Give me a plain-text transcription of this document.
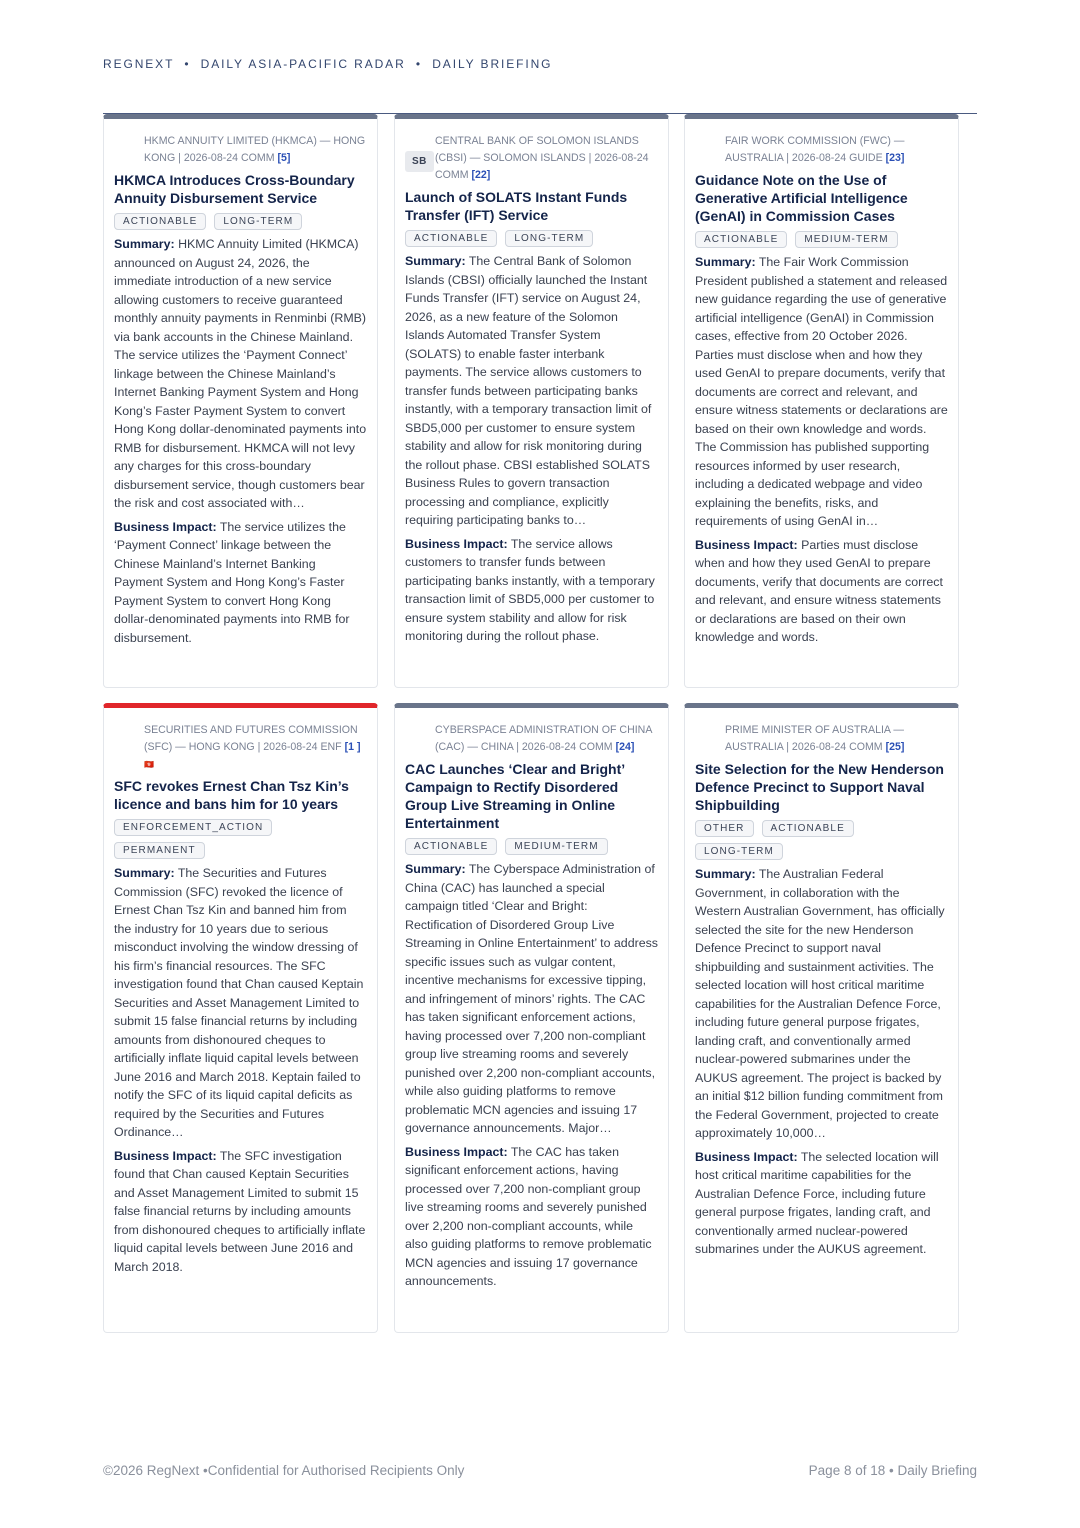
REGNEXT • DAILY ASIA-PACIFIC RADAR • DAILY BRIEFING
HKMC ANNUITY LIMITED (HKMCA) — HONG KONG | 2026-08-24 COMM [5]
HKMCA Introduces Cross-Boundary Annuity Disbursement Service
ACTIONABLE	LONG-TERM
Summary: HKMC Annuity Limited (HKMCA) announced on August 24, 2026, the immediate introduction of a new service allowing customers to receive guaranteed monthly annuity payments in Renminbi (RMB) via bank accounts in the Chinese Mainland. The service utilizes the ‘Payment Connect’ linkage between the Chinese Mainland’s Internet Banking Payment System and Hong Kong’s Faster Payment System to convert Hong Kong dollar-denominated payments into RMB for disbursement. HKMCA will not levy any charges for this cross-boundary disbursement service, though customers bear the risk and cost associated with…
Business Impact: The service utilizes the ‘Payment Connect’ linkage between the Chinese Mainland’s Internet Banking Payment System and Hong Kong’s Faster Payment System to convert Hong Kong dollar-denominated payments into RMB for disbursement.
SB
CENTRAL BANK OF SOLOMON ISLANDS (CBSI) — SOLOMON ISLANDS | 2026-08-24 COMM [22]
Launch of SOLATS Instant Funds Transfer (IFT) Service
ACTIONABLE	LONG-TERM
Summary: The Central Bank of Solomon Islands (CBSI) officially launched the Instant Funds Transfer (IFT) service on August 24, 2026, as a new feature of the Solomon Islands Automated Transfer System (SOLATS) to enable faster interbank payments. The service allows customers to transfer funds between participating banks instantly, with a temporary transaction limit of SBD5,000 per customer to ensure system stability and allow for risk monitoring during the rollout phase. CBSI established SOLATS Business Rules to govern transaction processing and compliance, explicitly requiring participating banks to…
Business Impact: The service allows customers to transfer funds between participating banks instantly, with a temporary transaction limit of SBD5,000 per customer to ensure system stability and allow for risk monitoring during the rollout phase.
FAIR WORK COMMISSION (FWC) — AUSTRALIA | 2026-08-24 GUIDE [23]
Guidance Note on the Use of Generative Artificial Intelligence (GenAI) in Commission Cases
ACTIONABLE	MEDIUM-TERM
Summary: The Fair Work Commission President published a statement and released new guidance regarding the use of generative artificial intelligence (GenAI) in Commission cases, effective from 20 October 2026. Parties must disclose when and how they used GenAI to prepare documents, verify that documents are correct and relevant, and ensure witness statements or declarations are based on their own knowledge and words. The Commission has published supporting resources informed by user research, including a dedicated webpage and video explaining the benefits, risks, and requirements of using GenAI in…
Business Impact: Parties must disclose when and how they used GenAI to prepare documents, verify that documents are correct and relevant, and ensure witness statements or declarations are based on their own knowledge and words.
SECURITIES AND FUTURES COMMISSION (SFC) — HONG KONG | 2026-08-24 ENF [1 ] 🇭🇰
SFC revokes Ernest Chan Tsz Kin’s licence and bans him for 10 years
ENFORCEMENT_ACTION
PERMANENT
Summary: The Securities and Futures Commission (SFC) revoked the licence of Ernest Chan Tsz Kin and banned him from the industry for 10 years due to serious misconduct involving the window dressing of his firm’s financial resources. The SFC investigation found that Chan caused Keptain Securities and Asset Management Limited to submit 15 false financial returns by including amounts from dishonoured cheques to artificially inflate liquid capital levels between June 2016 and March 2018. Keptain failed to notify the SFC of its liquid capital deficits as required by the Securities and Futures Ordinance…
Business Impact: The SFC investigation found that Chan caused Keptain Securities and Asset Management Limited to submit 15 false financial returns by including amounts from dishonoured cheques to artificially inflate liquid capital levels between June 2016 and March 2018.
CYBERSPACE ADMINISTRATION OF CHINA (CAC) — CHINA | 2026-08-24 COMM [24]
CAC Launches ‘Clear and Bright’ Campaign to Rectify Disordered Group Live Streaming in Online Entertainment
ACTIONABLE	MEDIUM-TERM
Summary: The Cyberspace Administration of China (CAC) has launched a special campaign titled ‘Clear and Bright: Rectification of Disordered Group Live Streaming in Online Entertainment’ to address specific issues such as vulgar content, incentive mechanisms for excessive tipping, and infringement of minors’ rights. The CAC has taken significant enforcement actions, having processed over 7,200 non-compliant group live streaming rooms and severely punished over 2,200 non-compliant accounts, while also guiding platforms to remove problematic MCN agencies and issuing 17 governance announcements. Major…
Business Impact: The CAC has taken significant enforcement actions, having processed over 7,200 non-compliant group live streaming rooms and severely punished over 2,200 non-compliant accounts, while also guiding platforms to remove problematic MCN agencies and issuing 17 governance announcements.
PRIME MINISTER OF AUSTRALIA — AUSTRALIA | 2026-08-24 COMM [25]
Site Selection for the New Henderson Defence Precinct to Support Naval Shipbuilding
OTHER	ACTIONABLE
LONG-TERM
Summary: The Australian Federal Government, in collaboration with the Western Australian Government, has officially selected the site for the new Henderson Defence Precinct to support naval shipbuilding and sustainment activities. The selected location will host critical maritime capabilities for the Australian Defence Force, including future general purpose frigates, landing craft, and conventionally armed nuclear-powered submarines under the AUKUS agreement. The project is backed by an initial $12 billion funding commitment from the Federal Government, projected to create approximately 10,000…
Business Impact: The selected location will host critical maritime capabilities for the Australian Defence Force, including future general purpose frigates, landing craft, and conventionally armed nuclear-powered submarines under the AUKUS agreement.
©2026 RegNext •Confidential for Authorised Recipients Only	Page 8 of 18 • Daily Briefing
